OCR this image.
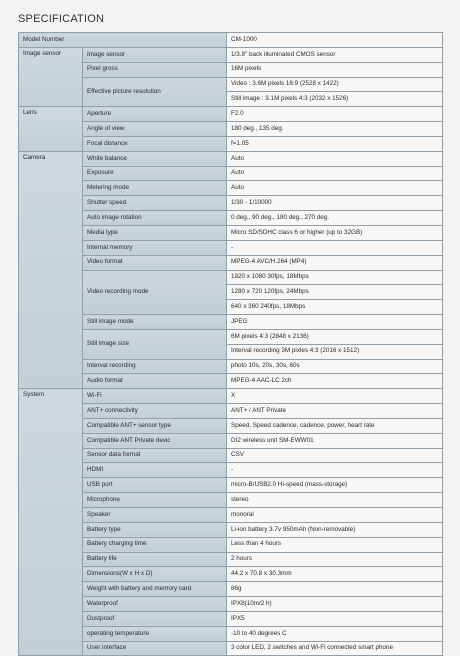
SPECIFICATION
Model Number		CM-1000
Image sensor	Image sensor	1/3.8" back illuminated CMOS sensor
	Pixel gross	16M pixels
	Effective picture resolution	Video : 3.6M pixels 16:9 (2528 x 1422)
		Still image : 3.1M pixels 4:3 (2032 x 1526)
Lens	Aperture	F2.0
	Angle of view	180 deg., 135 deg.
	Focal distance	f=1.05
Camera	White balance	Auto
	Exposure	Auto
	Metering mode	Auto
	Shutter speed	1/30 - 1/10000
	Auto image rotation	0 deg., 90 deg., 180 deg., 270 deg.
	Media type	Micro SD/SDHC class 6 or higher (up to 32GB)
	Internal memory	-
	Video format	MPEG-4 AVC/H.264 (MP4)
	Video recording mode	1920 x 1080 30fps, 18Mbps
		1280 x 720 120fps, 24Mbps
		640 x 360 240fps, 18Mbps
	Still image mode	JPEG
	Still image size	6M pixels 4:3 (2848 x 2136)
		Interval recording 3M pixles 4:3 (2016 x 1512)
	Interval recording	photo 10s, 20s, 30s, 60s
	Audio format	MPEG-4 AAC-LC 2ch
System	Wi-Fi	X
	ANT+ connectivity	ANT+ / ANT Private
	Compatible ANT+ sensor type	Speed, Speed cadence, cadence, power, heart rate
	Compatible ANT Private devic	DI2 wireless unit SM-EWW01
	Sensor data format	CSV
	HDMI	-
	USB port	micro-B/USB2.0 Hi-speed (mass-storage)
	Microphone	stereo
	Speaker	monoral
	Battery type	Li-ion battery 3.7v 950mAh (Non-removable)
	Battery charging time	Less than 4 hours
	Battery life	2 hours
	Dimensions(W x H x D)	44.2 x 70.8 x 30.3mm
	Weight with battery and memory card	86g
	Waterproof	IPX8(10m/2 h)
	Dustproof	IPX5
	operating temperature	-10 to 40 degrees C
	User interface	3 color LED, 2 switches and Wi-Fi connected smart phone
